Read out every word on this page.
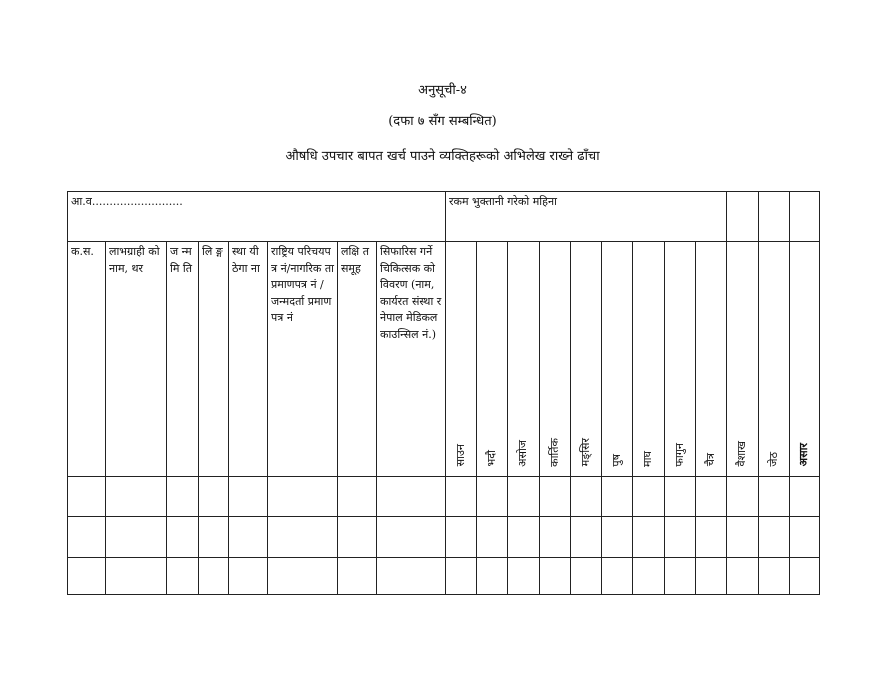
अनुसूची-४
(दफा ७ सँग सम्बन्धित)
औषधि उपचार बापत खर्च पाउने व्यक्तिहरूको अभिलेख राख्ने ढाँचा
आ.व..........................								रकम भुक्तानी गरेको महिना											
क.स.	लाभग्राही को नाम, थर	ज न्म मि ति	लि ङ्ग	स्था यी ठेगा ना	राष्ट्रिय परिचयपत्र नं/नागरिक ता प्रमाणपत्र नं / जन्मदर्ता प्रमाणपत्र नं	लक्षि त समूह	सिफारिस गर्ने चिकित्सक को विवरण (नाम, कार्यरत संस्था र नेपाल मेडिकल काउन्सिल नं.)	साउन	भदौ	असोज	कार्तिक	मङ्सिर	पुष	माघ	फागुन	चैत्र	वैशाख	जेठ	असार
